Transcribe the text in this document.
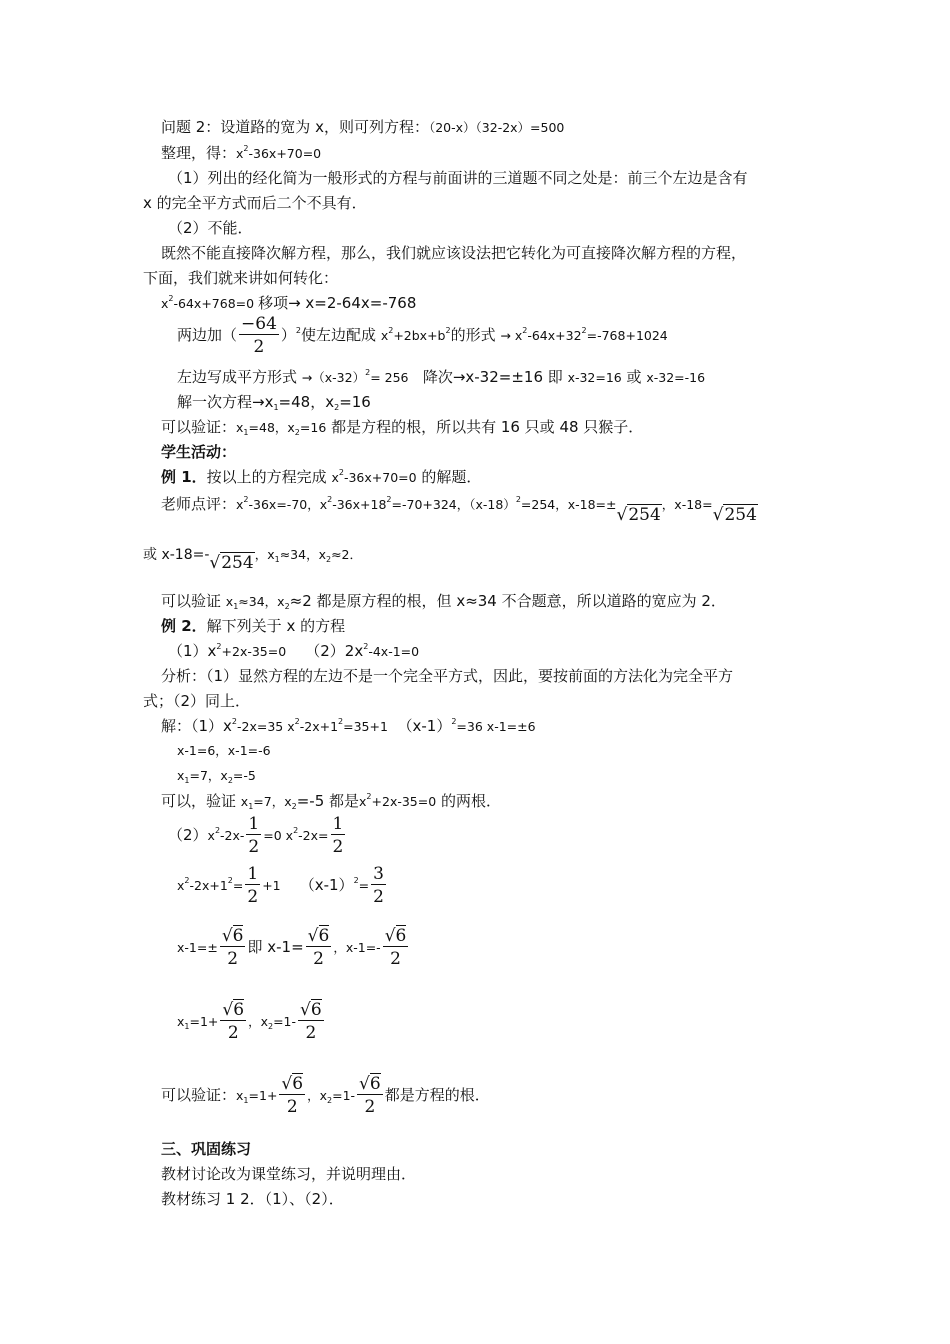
问题 2：设道路的宽为 x，则可列方程：（20-x）（32-2x）=500
整理，得：$x^2-36x+70=0$
（1）列出的经化简为一般形式的方程与前面讲的三道题不同之处是：前三个左边是含有
x 的完全平方式而后二个不具有．
（2）不能．
既然不能直接降次解方程，那么，我们就应该设法把它转化为可直接降次解方程的方程，
下面，我们就来讲如何转化：
$x^2-64x+768=0$ 移项→ x=2-64x=-768
两边加（ $\frac{-64}{2} )^2$使左边配成 $x^2+2bx+b^2$的形式 → $x^2-64x+32^2=-768+1024$
左边写成平方形式 $\to(x-32)^2= 256$ 降次→x-32=±16 即 x-32=16 或 x-32=-16
解一次方程$\to x_1=48$，$x_2=16$
可以验证：$x_1=48$，$x_2=16$ 都是方程的根，所以共有 16 只或 48 只猴子．
学生活动：
例 1．按以上的方程完成 $x^2-36x+70=0$ 的解题．
老师点评：$x^2-36x=-70$，$x^2-36x+18^2=-70+324$，$(x-18)^2=254$，x-18=±√254，x-18=√254
或 x-18=-√254，$x_1\approx 34$，$x_2\approx 2$．
可以验证 $x_1\approx 34$，$x_2\approx 2$ 都是原方程的根，但 x≈34 不合题意，所以道路的宽应为 2．
例 2．解下列关于 x 的方程
$(1)x^2+2x-35=0$ $(2)2x^2-4x-1=0$
分析：（1）显然方程的左边不是一个完全平方式，因此，要按前面的方法化为完全平方
式；（2）同上．
解：$(1)x^2-2x=35$ $x^2-2x+1^2=35+1$ $(x-1)^2=36$ x-1=±6
x-1=6，x-1=-6
$x_1=7$，$x_2=-5$
可以，验证 $x_1=7$，$x_2=-5$ 都是$x^2+2x-35=0$ 的两根．
$(2)x^2-2x- \frac{1}{2} =0$ $x^2-2x= \frac{1}{2}$
$x^2-2x+1^2= \frac{1}{2} +1$ $(x-1)^2= \frac{3}{2}$
$x-1=\pm \frac{√6}{2}$ 即 $x-1= \frac{√6}{2}$ ，$x-1=- \frac{√6}{2}$
$x_1=1+ \frac{√6}{2}$ ，$x_2=1- \frac{√6}{2}$
可以验证：$x_1=1+ \frac{√6}{2}$ ，$x_2=1- \frac{√6}{2}$ 都是方程的根．
三、巩固练习
教材讨论改为课堂练习，并说明理由．
教材练习 1 2．（1）、（2）．
